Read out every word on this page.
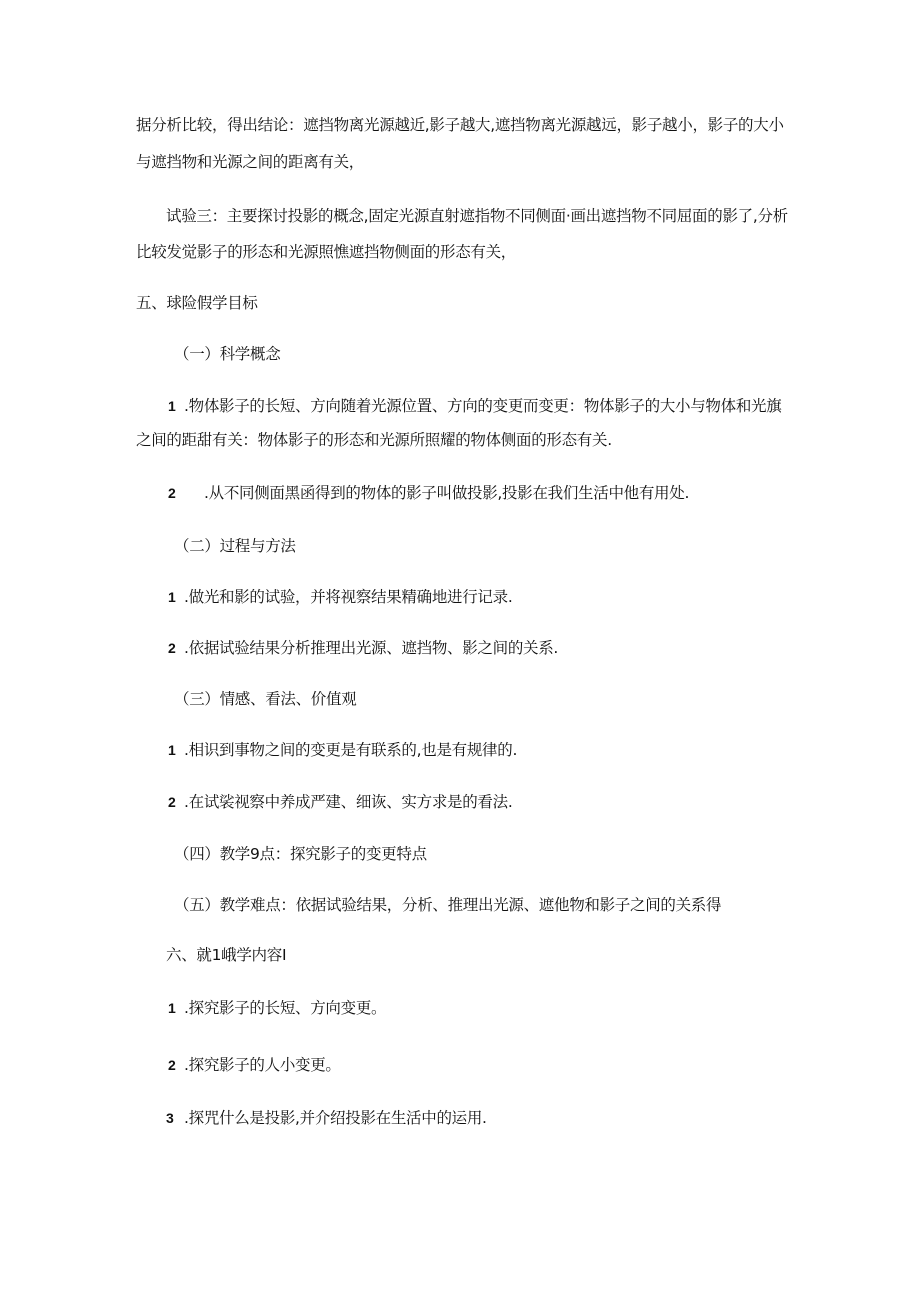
据分析比较，得出结论：遮挡物离光源越近,影子越大,遮挡物离光源越远，影子越小，影子的大小
与遮挡物和光源之间的距离有关，
试验三：主要探讨投影的概念,固定光源直射遮指物不同侧面·画出遮挡物不同屈面的影了,分析
比较发觉影子的形态和光源照憔遮挡物侧面的形态有关，
五、球险假学目标
（一）科学概念
1 .物体影子的长短、方向随着光源位置、方向的变更而变更：物体影子的大小与物体和光旗
之间的距甜有关：物体影子的形态和光源所照耀的物体侧面的形态有关.
2 .从不同侧面黑函得到的物体的影子叫做投影,投影在我们生活中他有用处.
（二）过程与方法
1 .做光和影的试验，并将视察结果精确地进行记录.
2 .依据试验结果分析推理出光源、遮挡物、影之间的关系.
（三）情感、看法、价值观
1 .相识到事物之间的变更是有联系的,也是有规律的.
2 .在试裟视察中养成严建、细诙、实方求是的看法.
（四）教学9点：探究影子的变更特点
（五）教学难点：依据试验结果，分析、推理出光源、遮他物和影子之间的关系得
六、就1峨学内容I
1 .探究影子的长短、方向变更。
2 .探究影子的人小变更。
3 .探咒什么是投影,并介绍投影在生活中的运用.
